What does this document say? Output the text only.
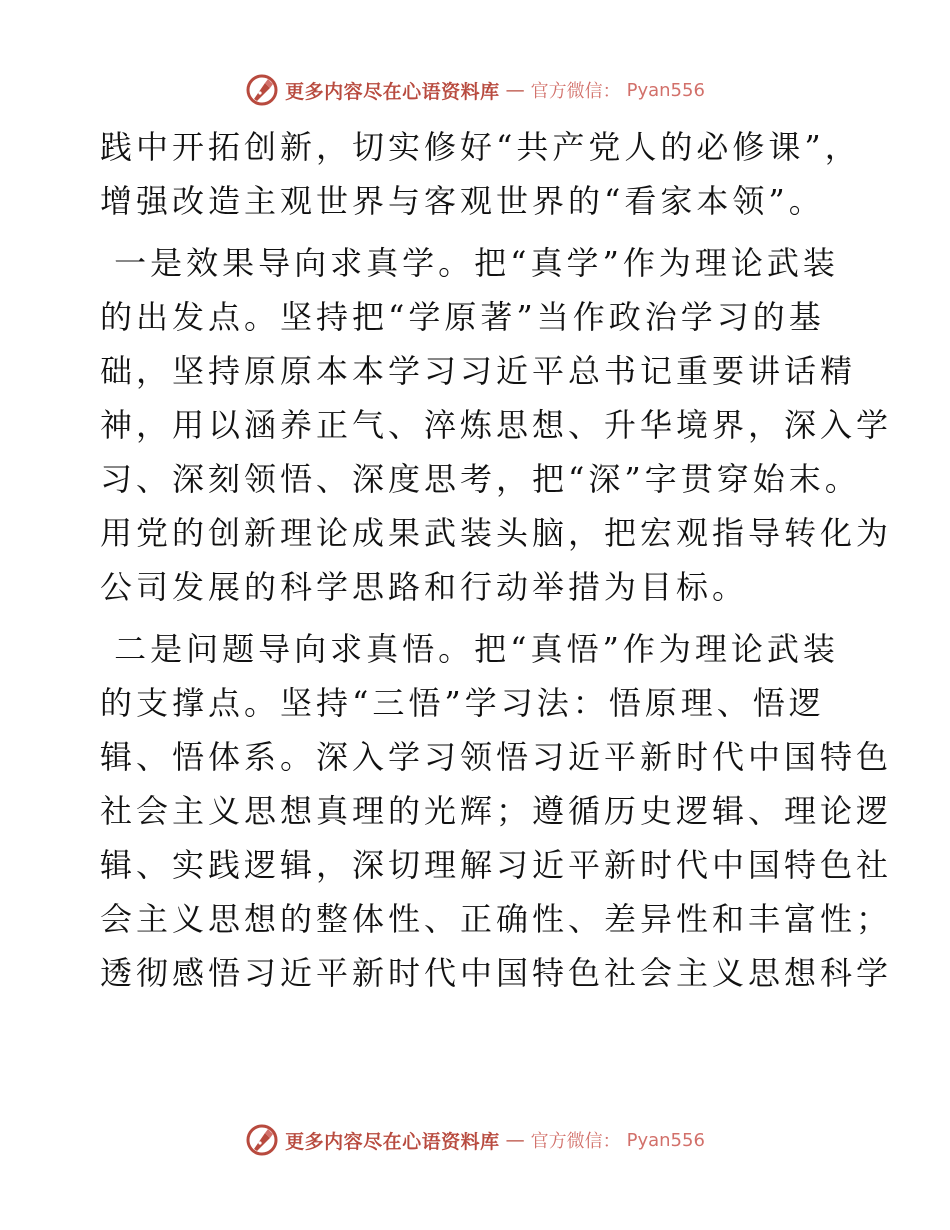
更多内容尽在心语资料库 — 官方微信： Pyan556

践中开拓创新，切实修好“共产党人的必修课”，
增强改造主观世界与客观世界的“看家本领”。

一是效果导向求真学。把“真学”作为理论武装
的出发点。坚持把“学原著”当作政治学习的基
础，坚持原原本本学习习近平总书记重要讲话精
神，用以涵养正气、淬炼思想、升华境界，深入学
习、深刻领悟、深度思考，把“深”字贯穿始末。
用党的创新理论成果武装头脑，把宏观指导转化为
公司发展的科学思路和行动举措为目标。

二是问题导向求真悟。把“真悟”作为理论武装
的支撑点。坚持“三悟”学习法：悟原理、悟逻
辑、悟体系。深入学习领悟习近平新时代中国特色
社会主义思想真理的光辉；遵循历史逻辑、理论逻
辑、实践逻辑，深切理解习近平新时代中国特色社
会主义思想的整体性、正确性、差异性和丰富性；
透彻感悟习近平新时代中国特色社会主义思想科学

更多内容尽在心语资料库 — 官方微信： Pyan556
